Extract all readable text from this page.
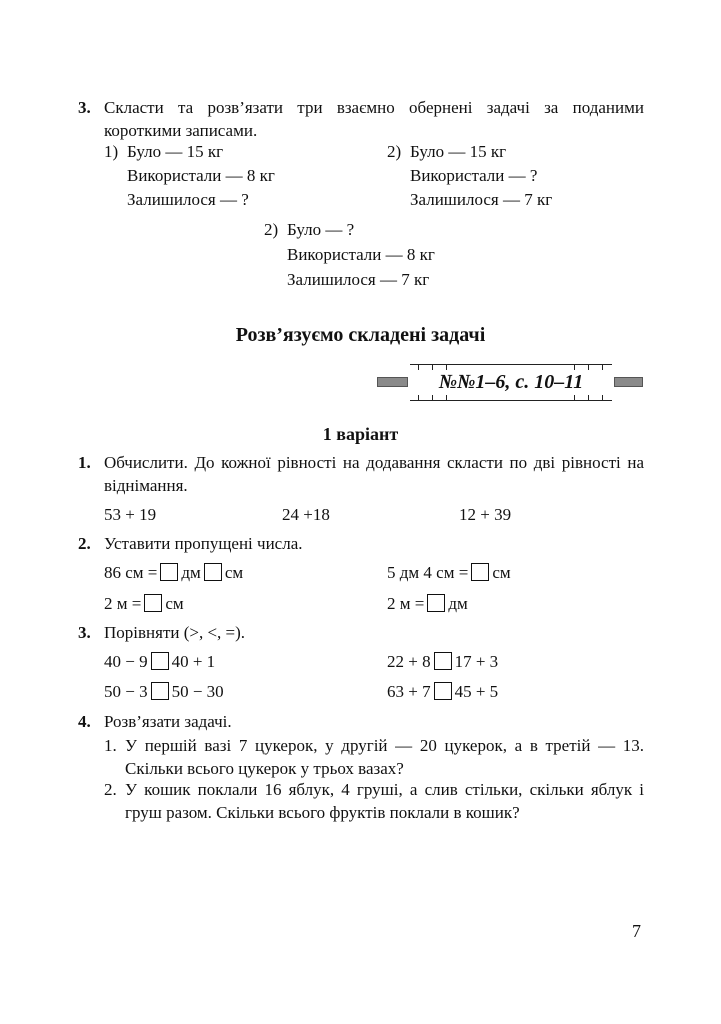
3. Скласти та розв’язати три взаємно обернені задачі за поданими короткими записами.
1) Було — 15 кг
Використали — 8 кг
Залишилося — ?
2) Було — 15 кг
Використали — ?
Залишилося — 7 кг
2) Було — ?
Використали — 8 кг
Залишилося — 7 кг
Розв’язуємо складені задачі
№№1–6, с. 10–11
1 варіант
1. Обчислити. До кожної рівності на додавання скласти по дві рівності на віднімання.
53 + 19	24 +18	12 + 39
2. Уставити пропущені числа.
86 см = дм см	5 дм 4 см = см
2 м = см	2 м = дм
3. Порівняти (>, <, =).
40 − 9 40 + 1	22 + 8 17 + 3
50 − 3 50 − 30	63 + 7 45 + 5
4. Розв’язати задачі.
1. У першій вазі 7 цукерок, у другій — 20 цукерок, а в третій — 13. Скільки всього цукерок у трьох вазах?
2. У кошик поклали 16 яблук, 4 груші, а слив стільки, скільки яблук і груш разом. Скільки всього фруктів поклали в кошик?
7
